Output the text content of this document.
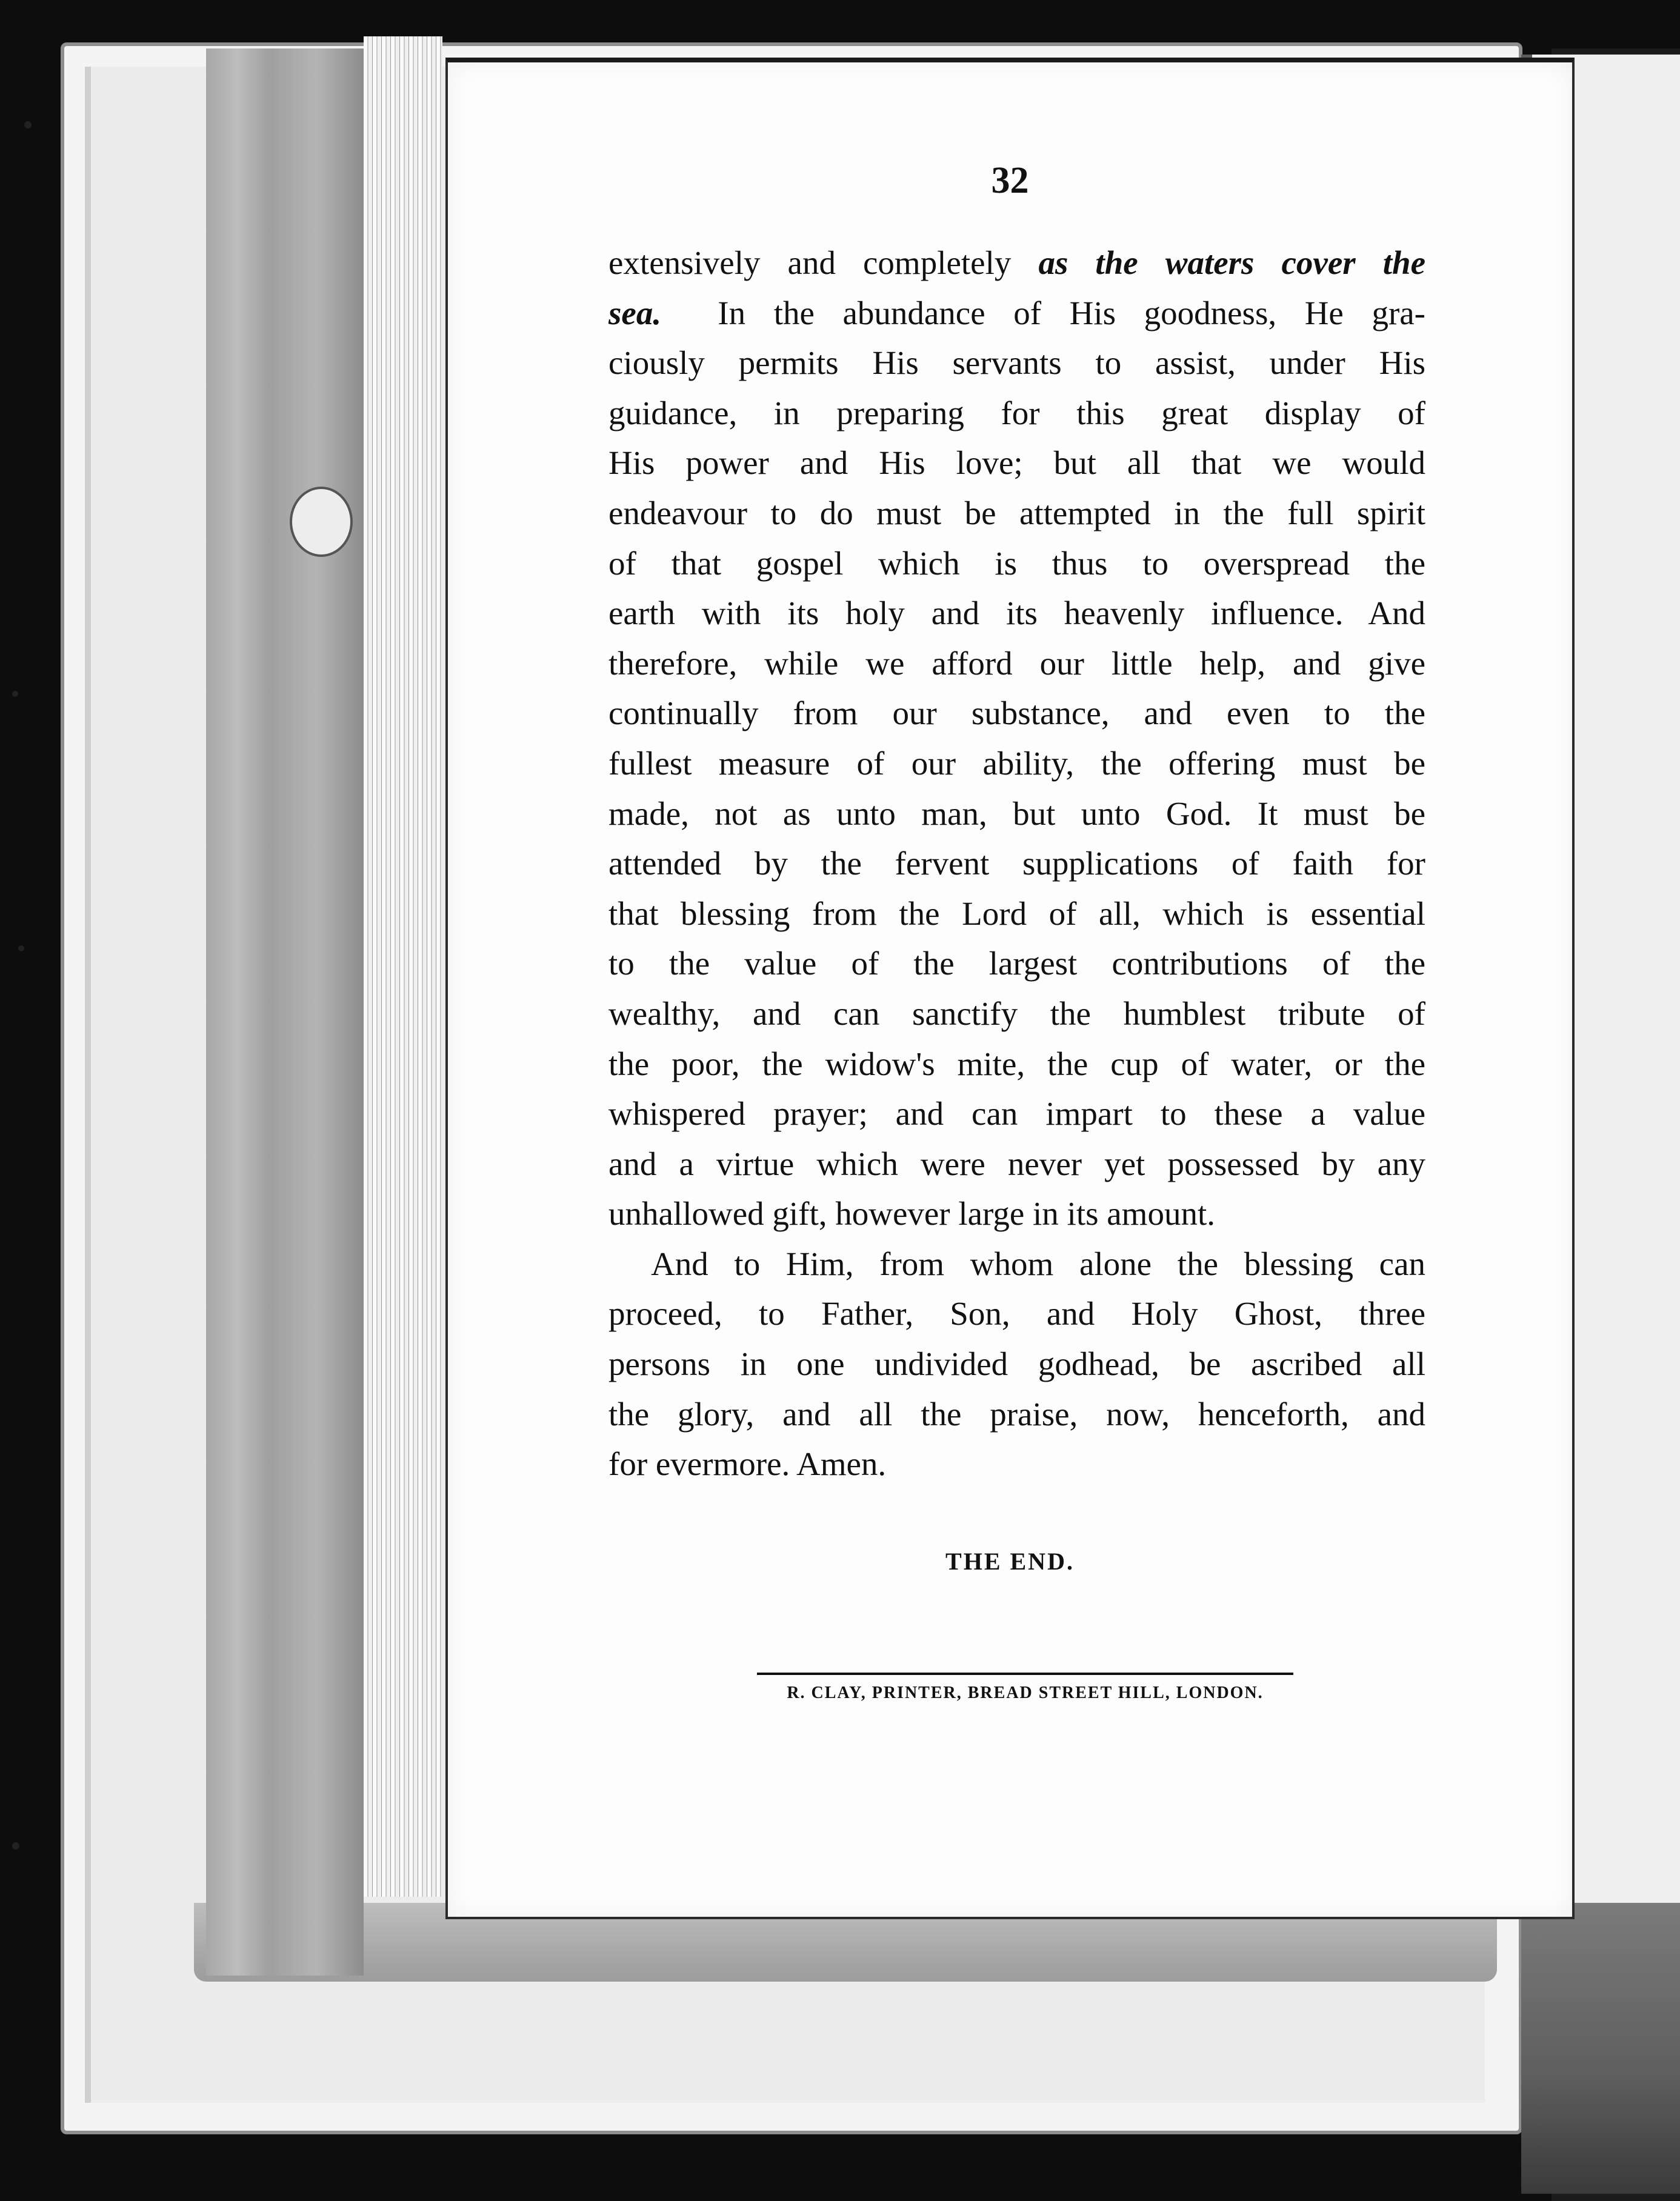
32
extensively and completely as the waters cover the
sea. In the abundance of His goodness, He gra-
ciously permits His servants to assist, under His
guidance, in preparing for this great display of
His power and His love; but all that we would
endeavour to do must be attempted in the full spirit
of that gospel which is thus to overspread the
earth with its holy and its heavenly influence. And
therefore, while we afford our little help, and give
continually from our substance, and even to the
fullest measure of our ability, the offering must be
made, not as unto man, but unto God. It must be
attended by the fervent supplications of faith for
that blessing from the Lord of all, which is essential
to the value of the largest contributions of the
wealthy, and can sanctify the humblest tribute of
the poor, the widow's mite, the cup of water, or the
whispered prayer; and can impart to these a value
and a virtue which were never yet possessed by any
unhallowed gift, however large in its amount.
And to Him, from whom alone the blessing can
proceed, to Father, Son, and Holy Ghost, three
persons in one undivided godhead, be ascribed all
the glory, and all the praise, now, henceforth, and
for evermore. Amen.
THE END.
R. CLAY, PRINTER, BREAD STREET HILL, LONDON.
